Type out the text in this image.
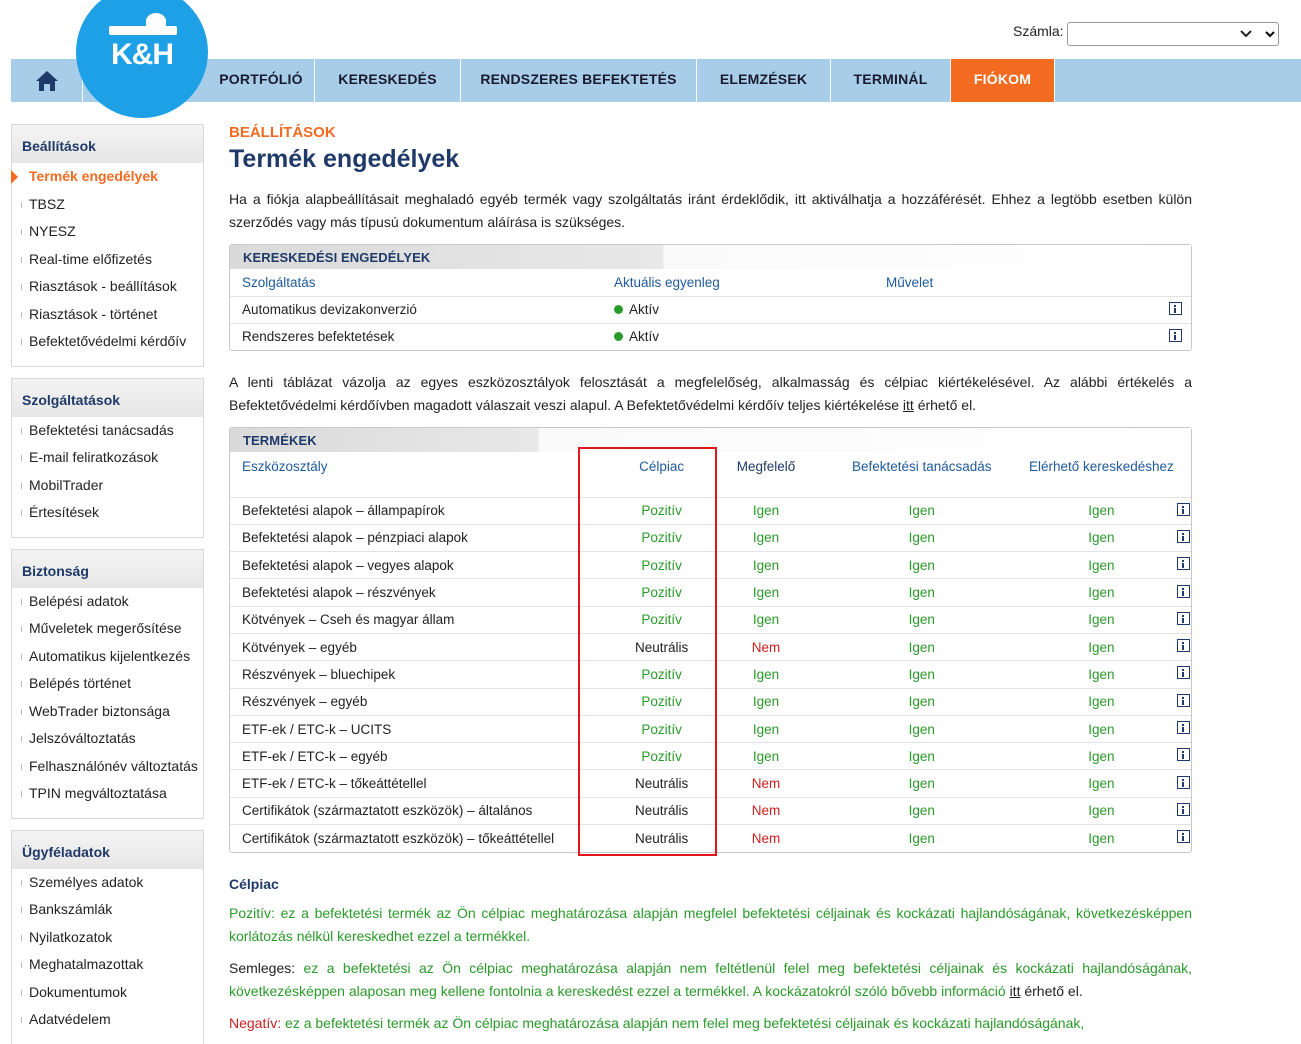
Számla:
PORTFÓLIÓ	KERESKEDÉS	RENDSZERES BEFEKTETÉS	ELEMZÉSEK	TERMINÁL	FIÓKOM
K&H
Beállítások
Termék engedélyek
TBSZ
NYESZ
Real-time előfizetés
Riasztások - beállítások
Riasztások - történet
Befektetővédelmi kérdőív
Szolgáltatások
Befektetési tanácsadás
E-mail feliratkozások
MobilTrader
Értesítések
Biztonság
Belépési adatok
Műveletek megerősítése
Automatikus kijelentkezés
Belépés történet
WebTrader biztonsága
Jelszóváltoztatás
Felhasználónév változtatás
TPIN megváltoztatása
Ügyféladatok
Személyes adatok
Bankszámlák
Nyilatkozatok
Meghatalmazottak
Dokumentumok
Adatvédelem
BEÁLLÍTÁSOK
Termék engedélyek

Ha a fiókja alapbeállításait meghaladó egyéb termék vagy szolgáltatás iránt érdeklődik, itt aktiválhatja a hozzáférését. Ehhez a legtöbb esetben külön szerződés vagy más típusú dokumentum aláírása is szükséges.

KERESKEDÉSI ENGEDÉLYEK
Szolgáltatás	Aktuális egyenleg	Művelet	
Automatikus devizakonverzió	Aktív		
Rendszeres befektetések	Aktív		

A lenti táblázat vázolja az egyes eszközosztályok felosztását a megfelelőség, alkalmasság és célpiac kiértékelésével. Az alábbi értékelés a Befektetővédelmi kérdőívben magadott válaszait veszi alapul. A Befektetővédelmi kérdőív teljes kiértékelése itt érhető el.

TERMÉKEK
Eszközosztály	Célpiac	Megfelelő	Befektetési tanácsadás	Elérhető kereskedéshez	
Befektetési alapok – állampapírok	Pozitív	Igen	Igen	Igen	
Befektetési alapok – pénzpiaci alapok	Pozitív	Igen	Igen	Igen	
Befektetési alapok – vegyes alapok	Pozitív	Igen	Igen	Igen	
Befektetési alapok – részvények	Pozitív	Igen	Igen	Igen	
Kötvények – Cseh és magyar állam	Pozitív	Igen	Igen	Igen	
Kötvények – egyéb	Neutrális	Nem	Igen	Igen	
Részvények – bluechipek	Pozitív	Igen	Igen	Igen	
Részvények – egyéb	Pozitív	Igen	Igen	Igen	
ETF-ek / ETC-k – UCITS	Pozitív	Igen	Igen	Igen	
ETF-ek / ETC-k – egyéb	Pozitív	Igen	Igen	Igen	
ETF-ek / ETC-k – tőkeáttétellel	Neutrális	Nem	Igen	Igen	
Certifikátok (származtatott eszközök) – általános	Neutrális	Nem	Igen	Igen	
Certifikátok (származtatott eszközök) – tőkeáttétellel	Neutrális	Nem	Igen	Igen	

Célpiac

Pozitív: ez a befektetési termék az Ön célpiac meghatározása alapján megfelel befektetési céljainak és kockázati hajlandóságának, következésképpen korlátozás nélkül kereskedhet ezzel a termékkel.

Semleges: ez a befektetési az Ön célpiac meghatározása alapján nem feltétlenül felel meg befektetési céljainak és kockázati hajlandóságának, következésképpen alaposan meg kellene fontolnia a kereskedést ezzel a termékkel. A kockázatokról szóló bővebb információ itt érhető el.

Negatív: ez a befektetési termék az Ön célpiac meghatározása alapján nem felel meg befektetési céljainak és kockázati hajlandóságának,
